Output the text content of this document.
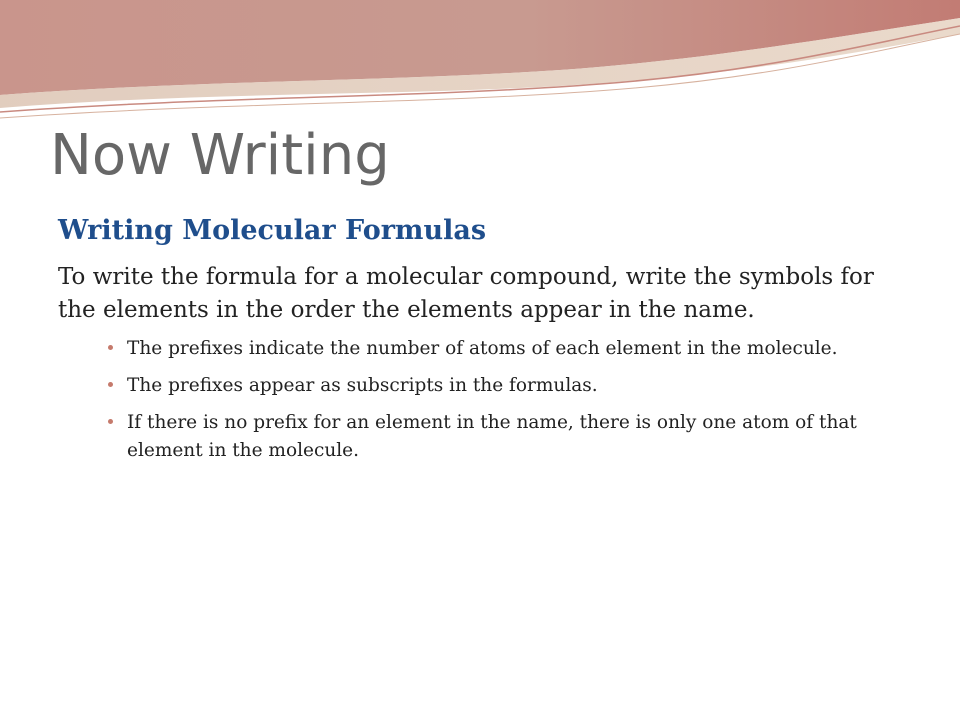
Now Writing
Writing Molecular Formulas

To write the formula for a molecular compound, write the symbols for the elements in the order the elements appear in the name.

The prefixes indicate the number of atoms of each element in the molecule.
The prefixes appear as subscripts in the formulas.
If there is no prefix for an element in the name, there is only one atom of that element in the molecule.
